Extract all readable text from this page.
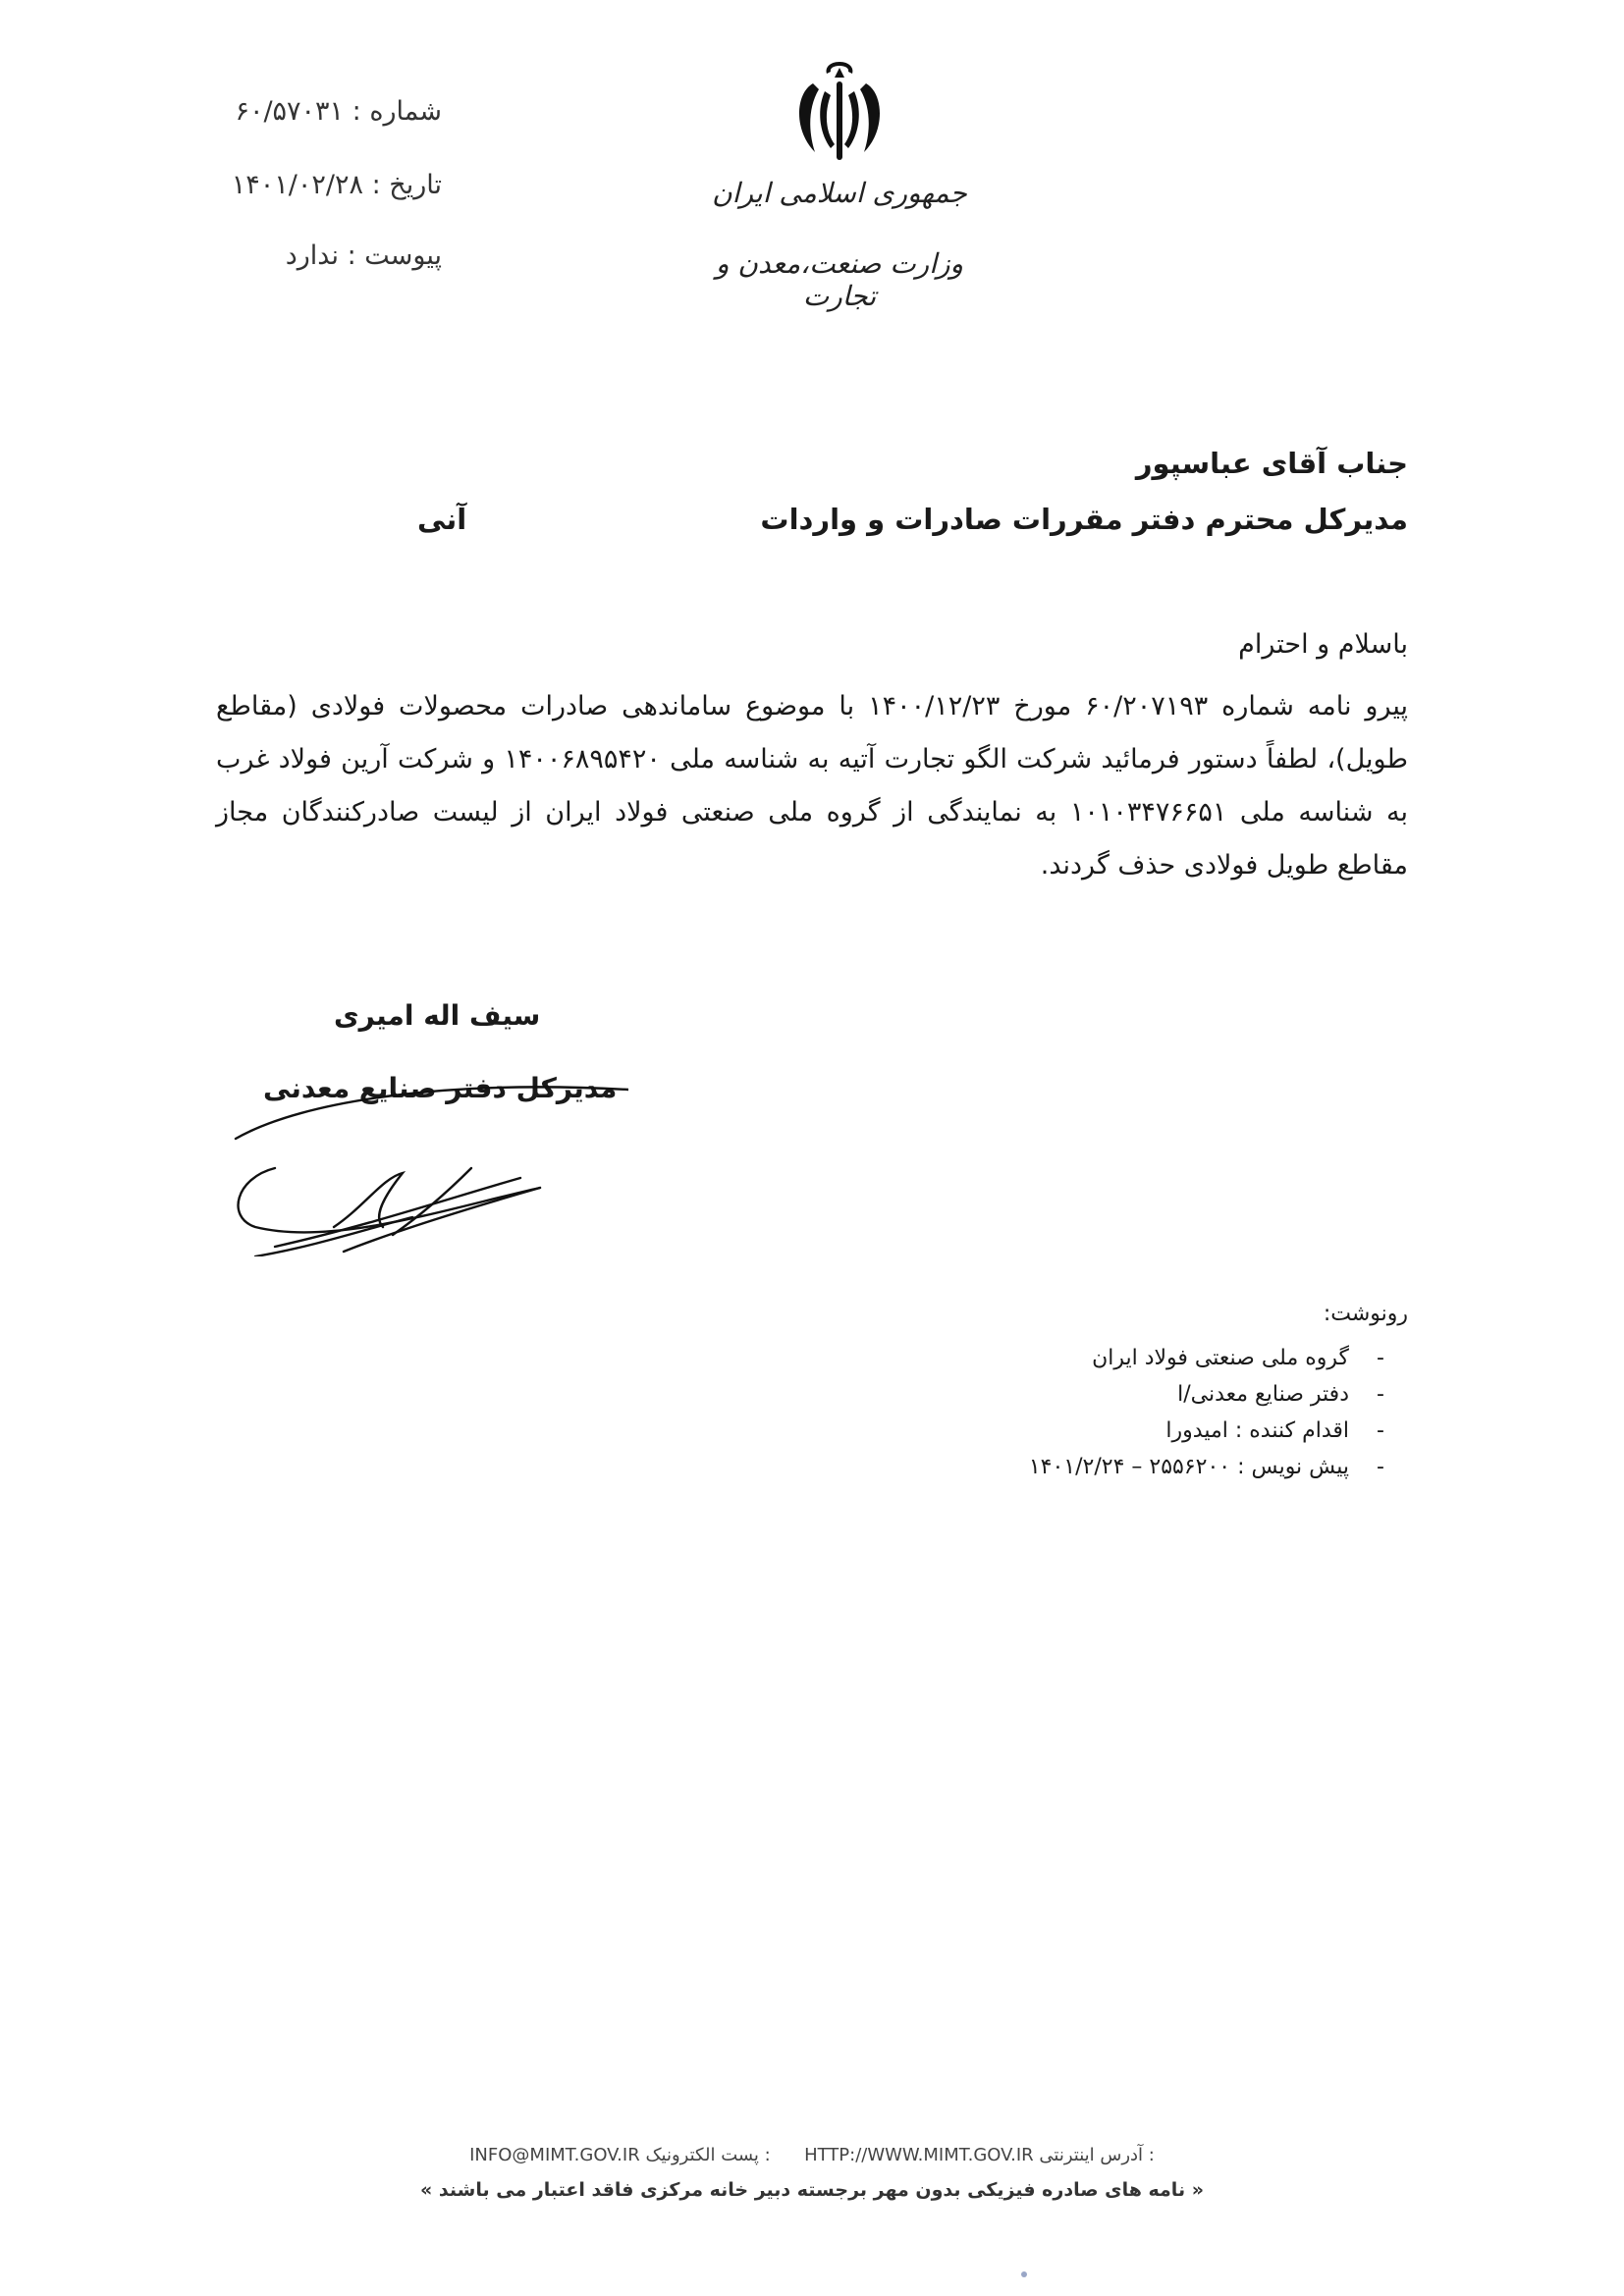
شماره : ۶۰/۵۷۰۳۱
تاریخ : ۱۴۰۱/۰۲/۲۸
پیوست : ندارد
جمهوری اسلامی ایران
وزارت صنعت،معدن و تجارت
جناب آقای عباسپور
مدیرکل محترم دفتر مقررات صادرات و واردات
آنی

باسلام و احترام

پیرو نامه شماره ۶۰/۲۰۷۱۹۳ مورخ ۱۴۰۰/۱۲/۲۳ با موضوع ساماندهی صادرات محصولات فولادی (مقاطع طویل)، لطفاً دستور فرمائید شرکت الگو تجارت آتیه به شناسه ملی ۱۴۰۰۶۸۹۵۴۲۰ و شرکت آرین فولاد غرب به شناسه ملی ۱۰۱۰۳۴۷۶۶۵۱ به نمایندگی از گروه ملی صنعتی فولاد ایران از لیست صادرکنندگان مجاز مقاطع طویل فولادی حذف گردند.

سیف اله امیری
مدیرکل دفتر صنایع معدنی
رونوشت:
- گروه ملی صنعتی فولاد ایران
- دفتر صنایع معدنی/ا
- اقدام کننده : امیدورا
- پیش نویس : ۲۵۵۶۲۰۰ – ۱۴۰۱/۲/۲۴
INFO@MIMT.GOV.IR : پست الکترونیک HTTP://WWW.MIMT.GOV.IR : آدرس اینترنتی
« نامه های صادره فیزیکی بدون مهر برجسته دبیر خانه مرکزی فاقد اعتبار می باشند »
